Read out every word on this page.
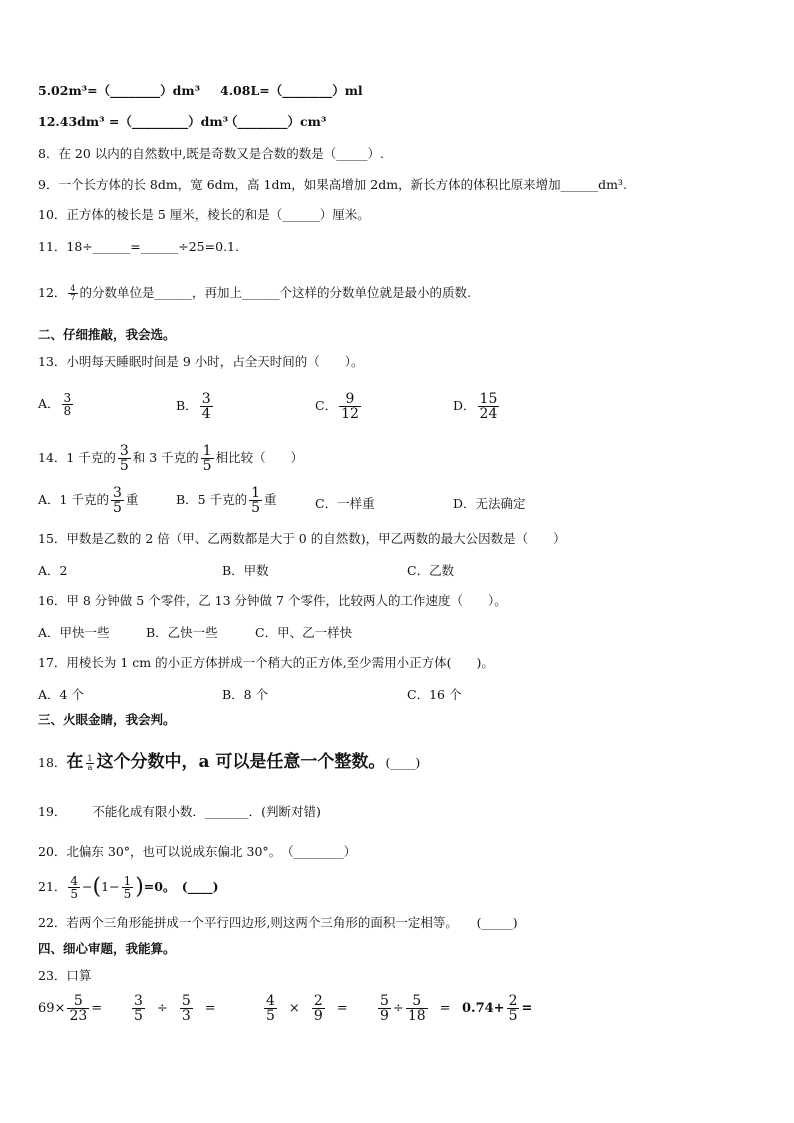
5.02m³=（________）dm³ 4.08L=（________）ml
12.43dm³ =（_________）dm³
（________）cm³
8．在 20 以内的自然数中,既是奇数又是合数的数是（_____）.
9．一个长方体的长 8dm，宽 6dm，高 1dm，如果高增加 2dm，新长方体的体积比原来增加______dm³.
10．正方体的棱长是 5 厘米，棱长的和是（______）厘米。
11．18÷______=______÷25=0.1.
12． $\frac{4}{7}$ 的分数单位是______，再加上______个这样的分数单位就是最小的质数.
二、仔细推敲，我会选。
13．小明每天睡眠时间是 9 小时，占全天时间的（　　）。
A． $\frac{3}{8}$	B． $\frac{3}{4}$	C． $\frac{9}{12}$	D． $\frac{15}{24}$
14．1 千克的 $\frac{3}{5}$ 和 3 千克的 $\frac{1}{5}$ 相比较（　　）
A．1 千克的 $\frac{3}{5}$ 重	B．5 千克的 $\frac{1}{5}$ 重	C．一样重	D．无法确定
15．甲数是乙数的 2 倍（甲、乙两数都是大于 0 的自然数)，甲乙两数的最大公因数是（　　）
A．2	B．甲数	C．乙数
16．甲 8 分钟做 5 个零件，乙 13 分钟做 7 个零件，比较两人的工作速度（　　）。
A．甲快一些	B．乙快一些	C．甲、乙一样快
17．用棱长为 1 cm 的小正方体拼成一个稍大的正方体,至少需用小正方体(　　)。
A．4 个	B．8 个	C．16 个
三、火眼金睛，我会判。
18．在 $\frac{1}{a}$ 这个分数中，a 可以是任意一个整数。(____)
19． 不能化成有限小数．_______．(判断对错)
20．北偏东 30°，也可以说成东偏北 30°。　（________）
21． $\frac{4}{5} -(1- \frac{1}{5} )=0$。　(____)
22．若两个三角形能拼成一个平行四边形,则这两个三角形的面积一定相等。　　(_____)
四、细心审题，我能算。
23．口算
$69\times \frac{5}{23} = \frac{3}{5} \div \frac{5}{3}$ =	$\frac{4}{5} \times \frac{2}{9}$ =	$\frac{5}{9} \div \frac{5}{18} = 0.74+ \frac{2}{5}$ =
